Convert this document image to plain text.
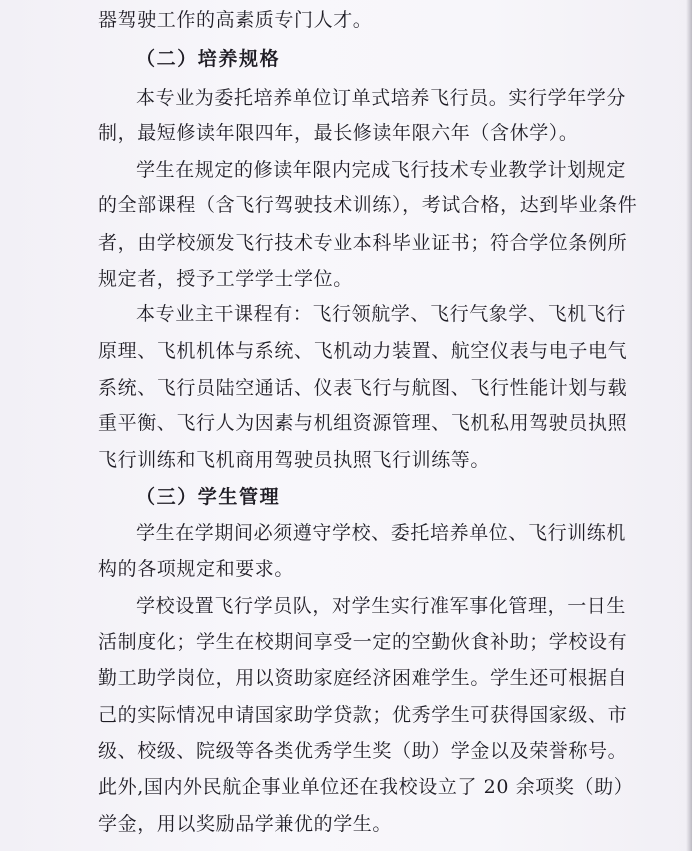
器驾驶工作的高素质专门人才。
（二）培养规格
本专业为委托培养单位订单式培养飞行员。实行学年学分
制，最短修读年限四年，最长修读年限六年（含休学）。
学生在规定的修读年限内完成飞行技术专业教学计划规定
的全部课程（含飞行驾驶技术训练），考试合格，达到毕业条件
者，由学校颁发飞行技术专业本科毕业证书；符合学位条例所
规定者，授予工学学士学位。
本专业主干课程有：飞行领航学、飞行气象学、飞机飞行
原理、飞机机体与系统、飞机动力装置、航空仪表与电子电气
系统、飞行员陆空通话、仪表飞行与航图、飞行性能计划与载
重平衡、飞行人为因素与机组资源管理、飞机私用驾驶员执照
飞行训练和飞机商用驾驶员执照飞行训练等。
（三）学生管理
学生在学期间必须遵守学校、委托培养单位、飞行训练机
构的各项规定和要求。
学校设置飞行学员队，对学生实行准军事化管理，一日生
活制度化；学生在校期间享受一定的空勤伙食补助；学校设有
勤工助学岗位，用以资助家庭经济困难学生。学生还可根据自
己的实际情况申请国家助学贷款；优秀学生可获得国家级、市
级、校级、院级等各类优秀学生奖（助）学金以及荣誉称号。
此外,国内外民航企事业单位还在我校设立了 20 余项奖（助）
学金，用以奖励品学兼优的学生。
